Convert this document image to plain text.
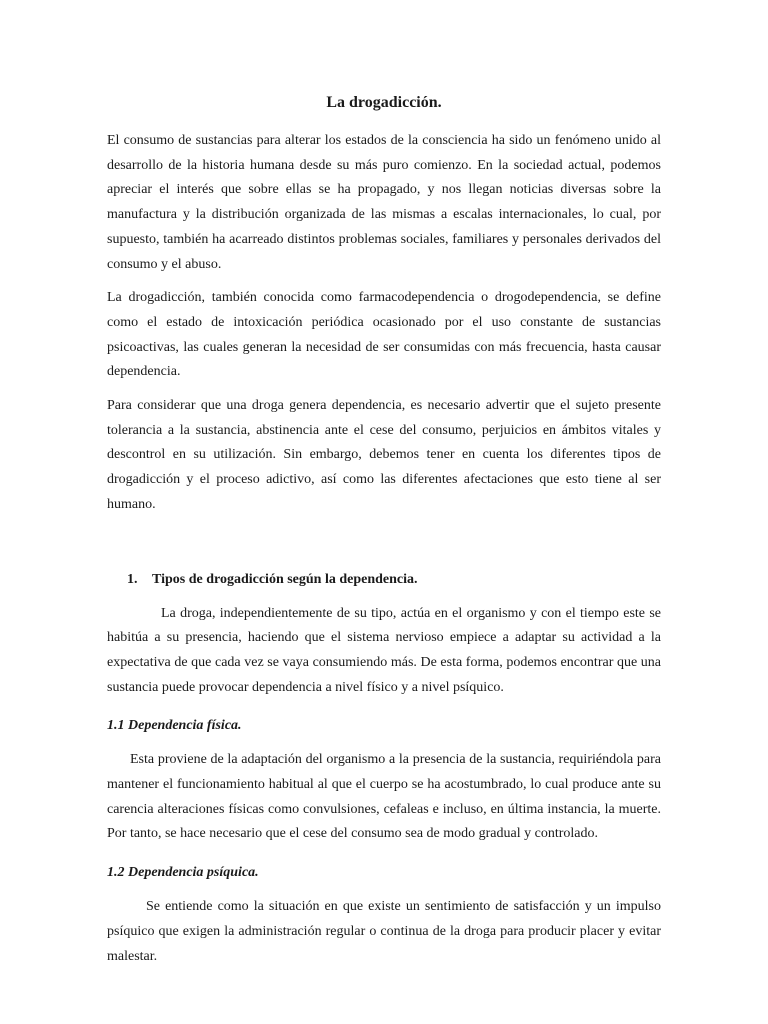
La drogadicción.

El consumo de sustancias para alterar los estados de la consciencia ha sido un fenómeno unido al desarrollo de la historia humana desde su más puro comienzo. En la sociedad actual, podemos apreciar el interés que sobre ellas se ha propagado, y nos llegan noticias diversas sobre la manufactura y la distribución organizada de las mismas a escalas internacionales, lo cual, por supuesto, también ha acarreado distintos problemas sociales, familiares y personales derivados del consumo y el abuso.

La drogadicción, también conocida como farmacodependencia o drogodependencia, se define como el estado de intoxicación periódica ocasionado por el uso constante de sustancias psicoactivas, las cuales generan la necesidad de ser consumidas con más frecuencia, hasta causar dependencia.

Para considerar que una droga genera dependencia, es necesario advertir que el sujeto presente tolerancia a la sustancia, abstinencia ante el cese del consumo, perjuicios en ámbitos vitales y descontrol en su utilización. Sin embargo, debemos tener en cuenta los diferentes tipos de drogadicción y el proceso adictivo, así como las diferentes afectaciones que esto tiene al ser humano.

1. Tipos de drogadicción según la dependencia.

La droga, independientemente de su tipo, actúa en el organismo y con el tiempo este se habitúa a su presencia, haciendo que el sistema nervioso empiece a adaptar su actividad a la expectativa de que cada vez se vaya consumiendo más. De esta forma, podemos encontrar que una sustancia puede provocar dependencia a nivel físico y a nivel psíquico.

1.1 Dependencia física.

Esta proviene de la adaptación del organismo a la presencia de la sustancia, requiriéndola para mantener el funcionamiento habitual al que el cuerpo se ha acostumbrado, lo cual produce ante su carencia alteraciones físicas como convulsiones, cefaleas e incluso, en última instancia, la muerte. Por tanto, se hace necesario que el cese del consumo sea de modo gradual y controlado.

1.2 Dependencia psíquica.

Se entiende como la situación en que existe un sentimiento de satisfacción y un impulso psíquico que exigen la administración regular o continua de la droga para producir placer y evitar malestar.
